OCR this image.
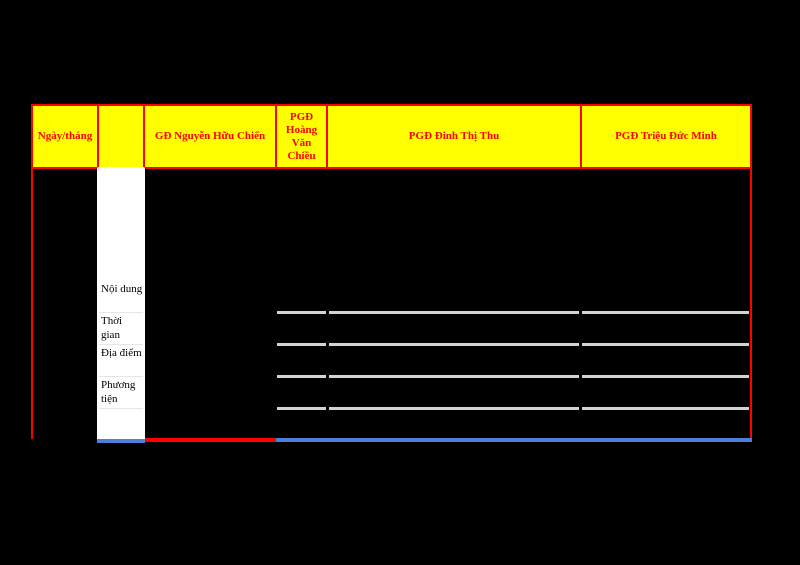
Ngày/tháng	GĐ Nguyễn Hữu Chiến
PGĐ Hoàng Văn Chiều
PGĐ Đinh Thị Thu	PGĐ Triệu Đức Minh
Nội dung
Thời gian
Địa điểm
Phương tiện
